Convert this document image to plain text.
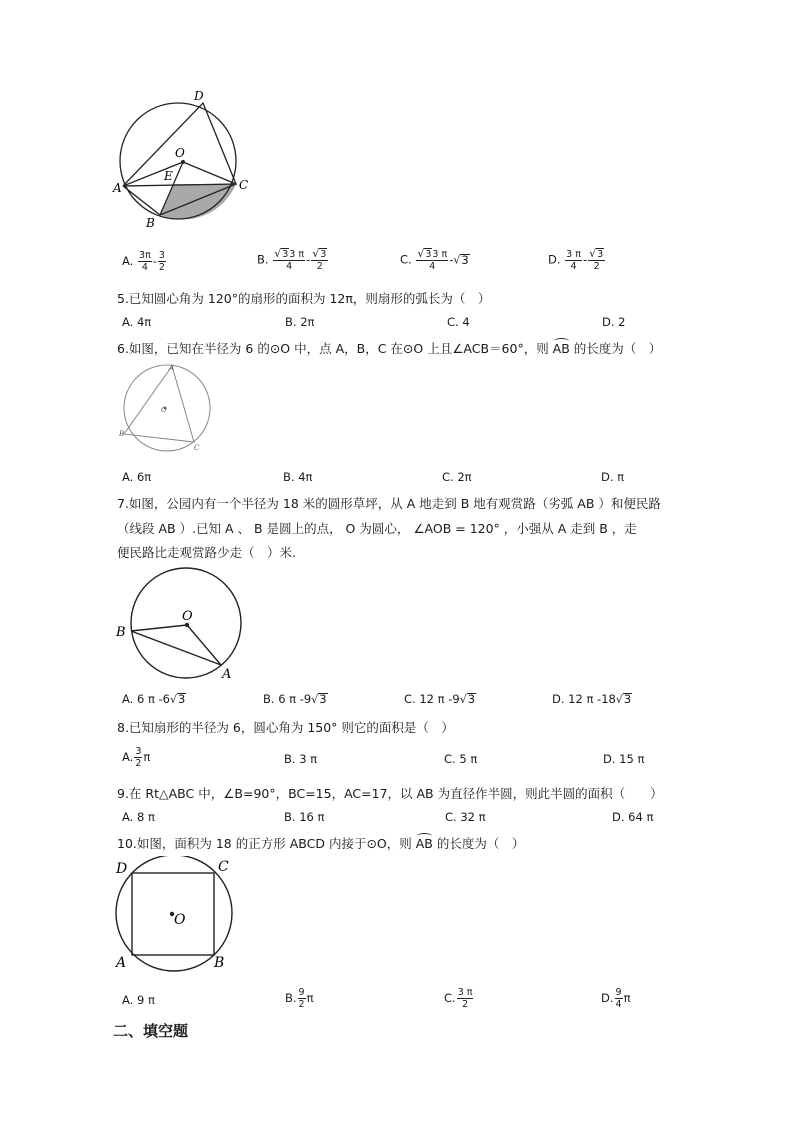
D
O
A
E
C
B
A. $\frac{3\pi}{4} - \frac{3}{2}$	B. $\frac{√33 \pi}{4} - \frac{√3}{2}$	C. $\frac{√33 \pi}{4} -√3$	D. $\frac{3 \pi}{4} - \frac{√3}{2}$
5.已知圆心角为 120°的扇形的面积为 12π，则扇形的弧长为（　）
A. 4π	B. 2π	C. 4	D. 2
6.如图，已知在半径为 6 的⊙O 中，点 A，B，C 在⊙O 上且∠ACB＝60°，则 AB 的长度为（　）
A
O
B
C
A. 6π	B. 4π	C. 2π	D. π
7.如图，公园内有一个半径为 18 米的圆形草坪，从 A 地走到 B 地有观赏路（劣弧 AB ）和便民路
（线段 AB ）.已知 A 、 B 是圆上的点， O 为圆心， ∠AOB = 120° ，小强从 A 走到 B ，走
便民路比走观赏路少走（　）米.
O
B
A
A. 6 π -6√3	B. 6 π -9√3	C. 12 π -9√3	D. 12 π -18√3
8.已知扇形的半径为 6，圆心角为 150° 则它的面积是（　）
A. $\frac{3}{2}$ π	B. 3 π	C. 5 π	D. 15 π
9.在 Rt△ABC 中，∠B=90°，BC=15，AC=17，以 AB 为直径作半圆，则此半圆的面积（　　）
A. 8 π	B. 16 π	C. 32 π	D. 64 π
10.如图，面积为 18 的正方形 ABCD 内接于⊙O，则 AB 的长度为（　）
D	C
O
A	B
A. 9 π	B. $\frac{9}{2}$ π	C. $\frac{3 \pi}{2}$	D. $\frac{9}{4}$ π
二、填空题
